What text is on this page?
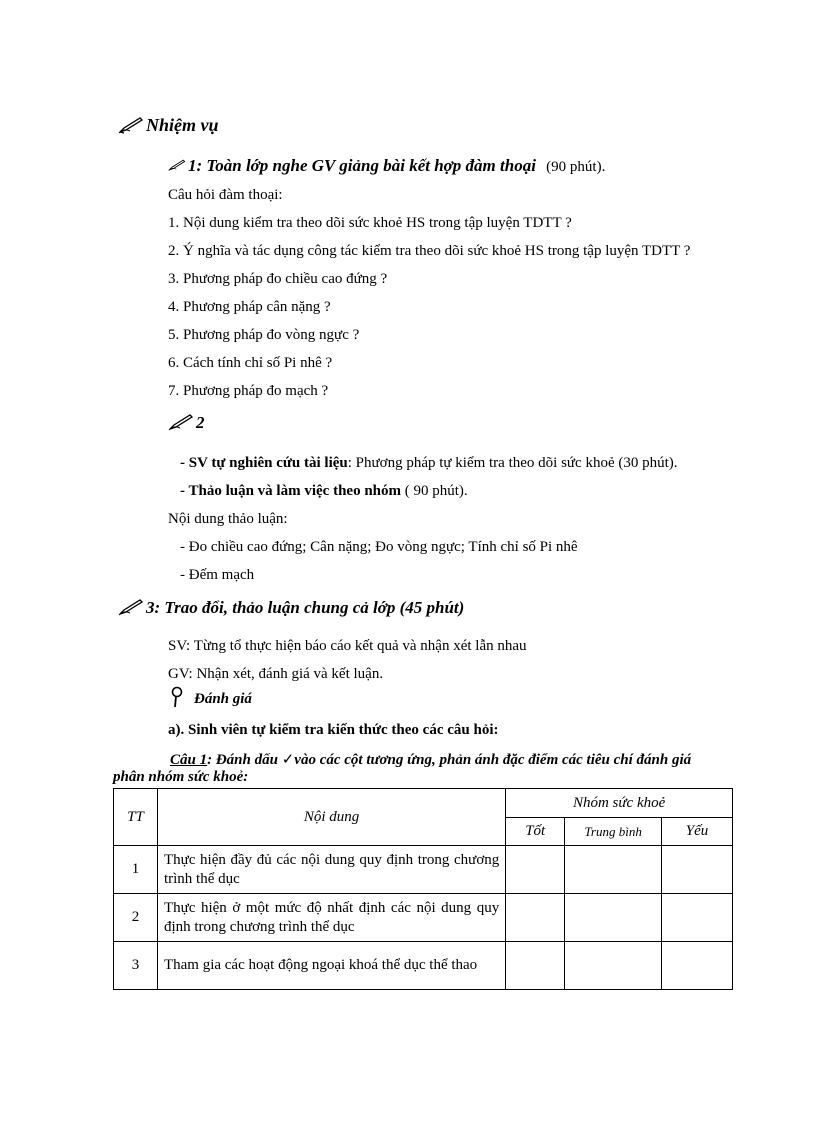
Nhiệm vụ
1: Toàn lớp nghe GV giảng bài kết hợp đàm thoại (90 phút).
Câu hỏi đàm thoại:
1. Nội dung kiểm tra theo dõi sức khoẻ HS trong tập luyện TDTT ?
2. Ý nghĩa và tác dụng công tác kiểm tra theo dõi sức khoẻ HS trong tập luyện TDTT ?
3. Phương pháp đo chiều cao đứng ?
4. Phương pháp cân nặng ?
5. Phương pháp đo vòng ngực ?
6. Cách tính chỉ số Pi nhê ?
7. Phương pháp đo mạch ?
2
- SV tự nghiên cứu tài liệu: Phương pháp tự kiểm tra theo dõi sức khoẻ (30 phút).
- Thảo luận và làm việc theo nhóm ( 90 phút).
Nội dung thảo luận:
- Đo chiều cao đứng; Cân nặng; Đo vòng ngực; Tính chỉ số Pi nhê
- Đếm mạch
3: Trao đổi, thảo luận chung cả lớp (45 phút)
SV: Từng tổ thực hiện báo cáo kết quả và nhận xét lẫn nhau
GV: Nhận xét, đánh giá và kết luận.
Đánh giá
a). Sinh viên tự kiểm tra kiến thức theo các câu hỏi:
Câu 1: Đánh dấu ✓vào các cột tương ứng, phản ánh đặc điểm các tiêu chí đánh giá
phân nhóm sức khoẻ:
TT	Nội dung	Nhóm sức khoẻ		
		Tốt	Trung bình	Yếu
1	Thực hiện đầy đủ các nội dung quy định trong chương trình thể dục			
2	Thực hiện ở một mức độ nhất định các nội dung quy định trong chương trình thể dục			
3	Tham gia các hoạt động ngoại khoá thể dục thể thao			
